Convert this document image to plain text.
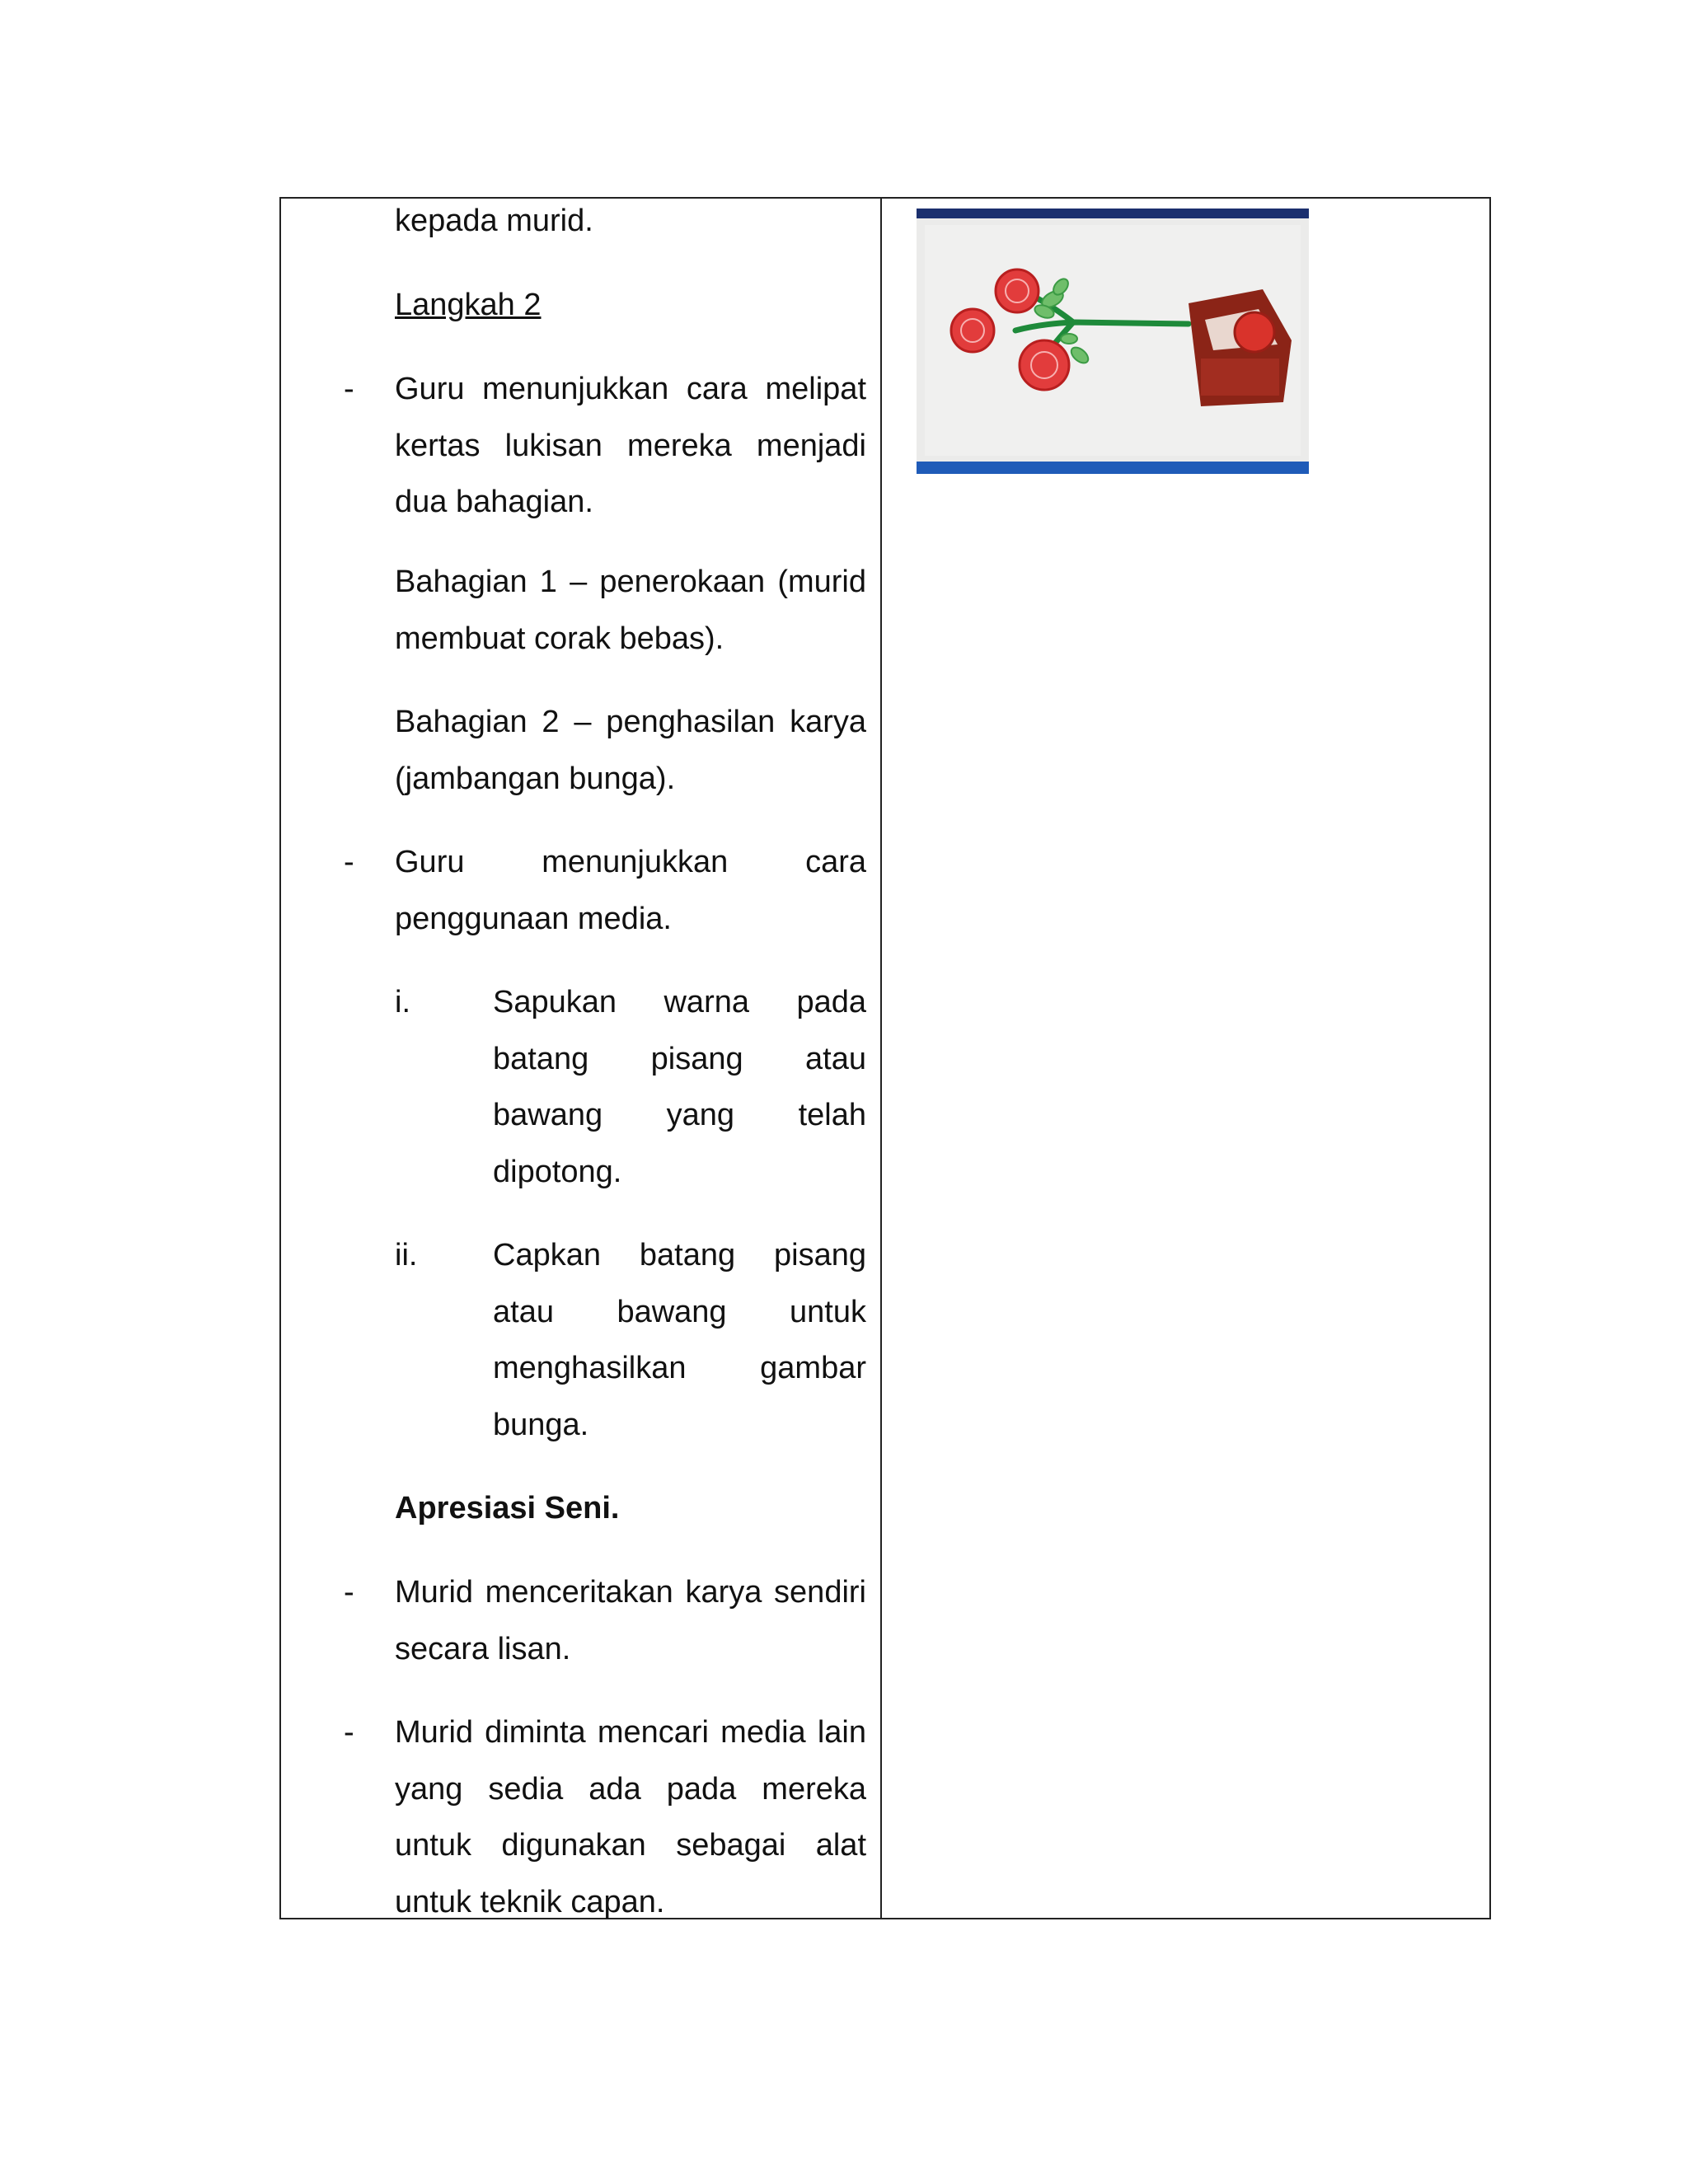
kepada murid.
Langkah 2
- Guru menunjukkan cara melipat kertas lukisan mereka menjadi dua bahagian.
Bahagian 1 – penerokaan (murid membuat corak bebas).
Bahagian 2 – penghasilan karya (jambangan bunga).
- Guru menunjukkan cara penggunaan media.
i.	Sapukan warna pada batang pisang atau bawang yang telah dipotong.
ii. Capkan batang pisang atau bawang untuk menghasilkan gambar bunga.
Apresiasi Seni.
- Murid menceritakan karya sendiri secara lisan.
- Murid diminta mencari media lain yang sedia ada pada mereka untuk digunakan sebagai alat untuk teknik capan.
